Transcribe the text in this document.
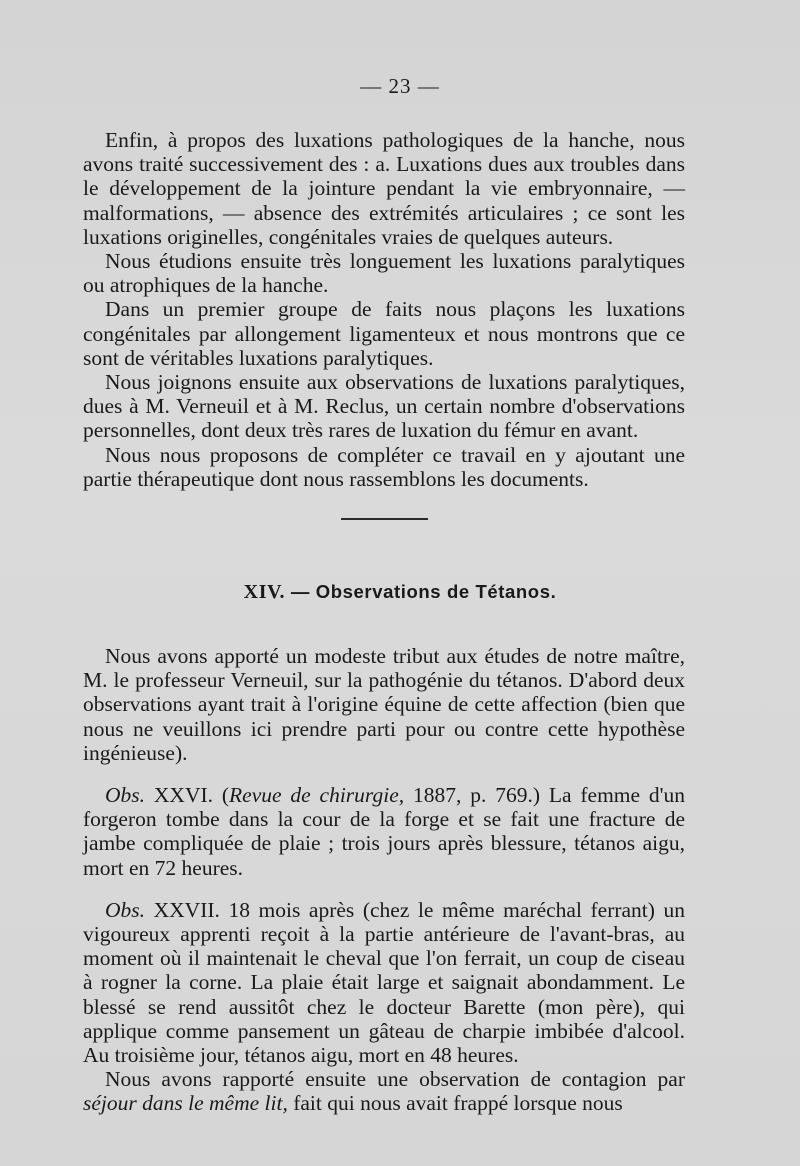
— 23 —

Enfin, à propos des luxations pathologiques de la hanche, nous avons traité successivement des : a. Luxations dues aux troubles dans le développement de la jointure pendant la vie embryonnaire, — malformations, — absence des extrémités articulaires ; ce sont les luxations originelles, congénitales vraies de quelques auteurs.

Nous étudions ensuite très longuement les luxations paralytiques ou atrophiques de la hanche.

Dans un premier groupe de faits nous plaçons les luxations congénitales par allongement ligamenteux et nous montrons que ce sont de véritables luxations paralytiques.

Nous joignons ensuite aux observations de luxations paralytiques, dues à M. Verneuil et à M. Reclus, un certain nombre d'observations personnelles, dont deux très rares de luxation du fémur en avant.

Nous nous proposons de compléter ce travail en y ajoutant une partie thérapeutique dont nous rassemblons les documents.

XIV. — Observations de Tétanos.

Nous avons apporté un modeste tribut aux études de notre maître, M. le professeur Verneuil, sur la pathogénie du tétanos. D'abord deux observations ayant trait à l'origine équine de cette affection (bien que nous ne veuillons ici prendre parti pour ou contre cette hypothèse ingénieuse).

Obs. XXVI. (Revue de chirurgie, 1887, p. 769.) La femme d'un forgeron tombe dans la cour de la forge et se fait une fracture de jambe compliquée de plaie ; trois jours après blessure, tétanos aigu, mort en 72 heures.

Obs. XXVII. 18 mois après (chez le même maréchal ferrant) un vigoureux apprenti reçoit à la partie antérieure de l'avant-bras, au moment où il maintenait le cheval que l'on ferrait, un coup de ciseau à rogner la corne. La plaie était large et saignait abondamment. Le blessé se rend aussitôt chez le docteur Barette (mon père), qui applique comme pansement un gâteau de charpie imbibée d'alcool. Au troisième jour, tétanos aigu, mort en 48 heures.

Nous avons rapporté ensuite une observation de contagion par séjour dans le même lit, fait qui nous avait frappé lorsque nous
